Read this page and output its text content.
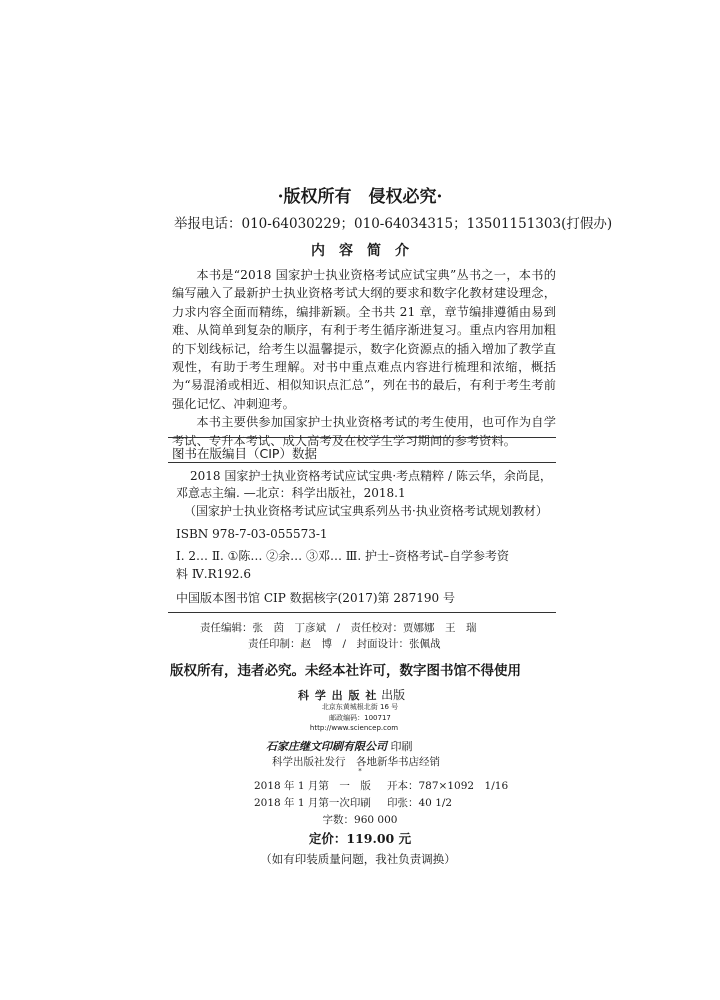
·版权所有　侵权必究·
举报电话：010-64030229；010-64034315；13501151303(打假办)
内　容　简　介

本书是“2018 国家护士执业资格考试应试宝典”丛书之一，本书的编写融入了最新护士执业资格考试大纲的要求和数字化教材建设理念，力求内容全面而精练，编排新颖。全书共 21 章，章节编排遵循由易到难、从简单到复杂的顺序，有利于考生循序渐进复习。重点内容用加粗的下划线标记，给考生以温馨提示，数字化资源点的插入增加了教学直观性，有助于考生理解。对书中重点难点内容进行梳理和浓缩，概括为“易混淆或相近、相似知识点汇总”，列在书的最后，有利于考生考前强化记忆、冲刺迎考。

本书主要供参加国家护士执业资格考试的考生使用，也可作为自学考试、专升本考试、成人高考及在校学生学习期间的参考资料。

图书在版编目（CIP）数据
2018 国家护士执业资格考试应试宝典·考点精粹 / 陈云华，余尚昆，
邓意志主编. —北京：科学出版社，2018.1
（国家护士执业资格考试应试宝典系列丛书·执业资格考试规划教材）
ISBN 978-7-03-055573-1
Ⅰ. 2… Ⅱ. ①陈… ②余… ③邓… Ⅲ. 护士–资格考试–自学参考资
料 Ⅳ.R192.6
中国版本图书馆 CIP 数据核字(2017)第 287190 号
责任编辑：张　茵　丁彦斌　/　责任校对：贾娜娜　王　瑞
责任印制：赵　博　/　封面设计：张佩战
版权所有，违者必究。未经本社许可，数字图书馆不得使用
科 学 出 版 社 出版
北京东黄城根北街 16 号
邮政编码：100717
http://www.sciencep.com
石家庄继文印刷有限公司 印刷
科学出版社发行　各地新华书店经销
*
2018 年 1 月第　一　版 开本：787×1092　1/16
2018 年 1 月第一次印刷 印张：40 1/2
字数：960 000
定价：119.00 元
（如有印装质量问题，我社负责调换）
